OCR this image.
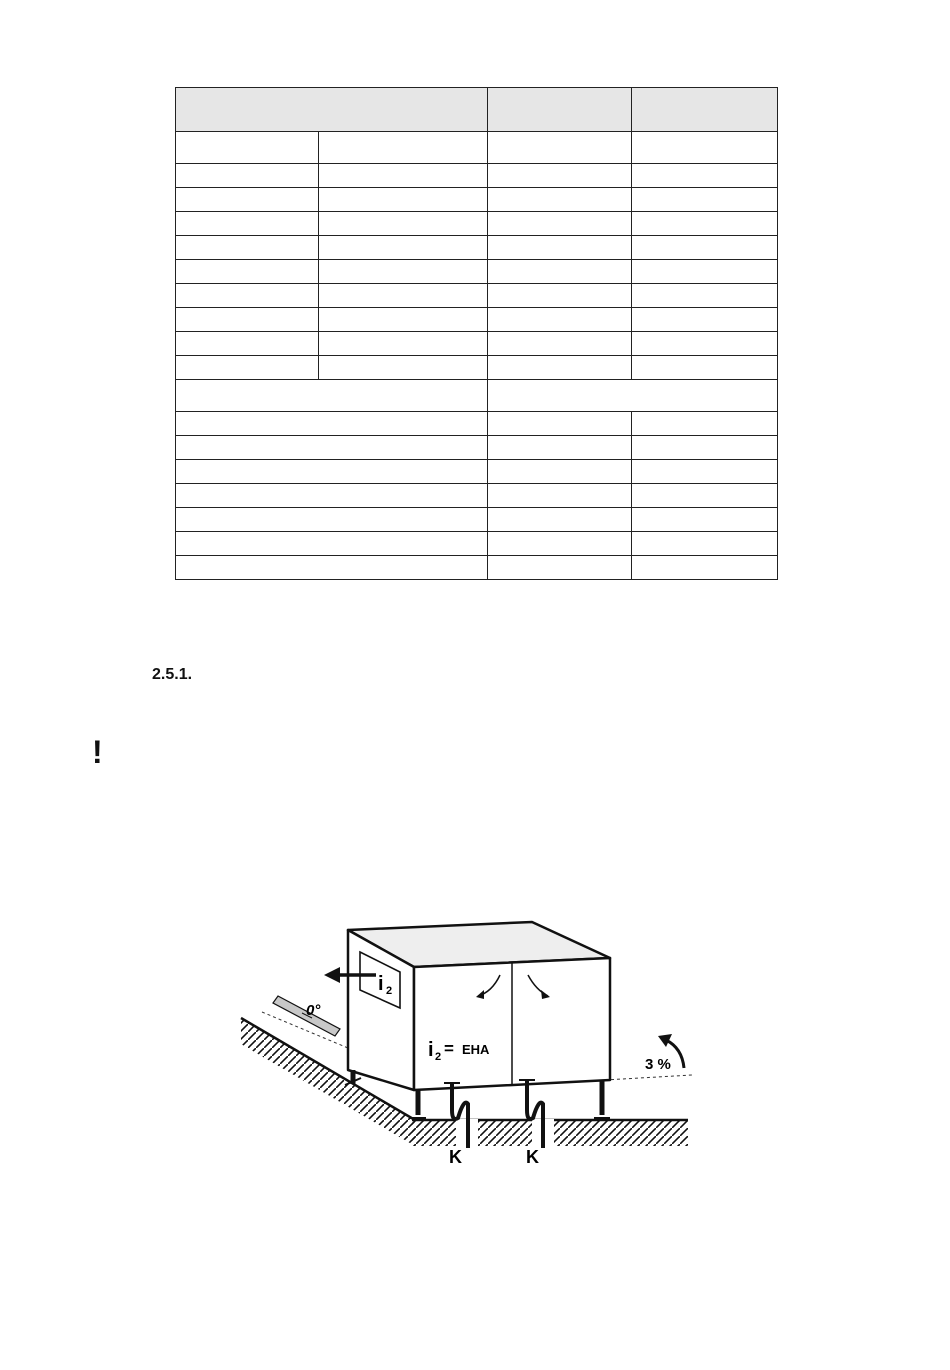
2.5.1.
!
0°
i 2
i 2 = EHA
3 %
K	K
